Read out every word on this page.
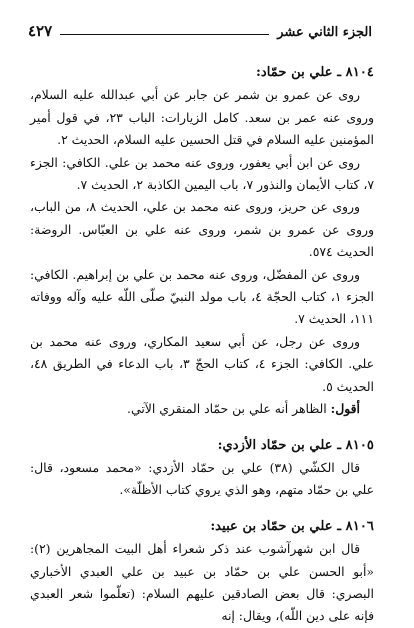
الجزء الثاني عشر
٤٢٧

٨١٠٤ ـ علي بن حمّاد:

روى عن عمرو بن شمر عن جابر عن أبي عبدالله عليه السلام، وروى عنه عمر بن سعد. كامل الزيارات: الباب ٢٣، في قول أمير المؤمنين عليه السلام في قتل الحسين عليه السلام، الحديث ٢.

روى عن ابن أبي يعفور، وروى عنه محمد بن علي. الكافي: الجزء ٧، كتاب الأيمان والنذور ٧، باب اليمين الكاذبة ٢، الحديث ٧.

وروى عن حريز، وروى عنه محمد بن علي، الحديث ٨، من الباب، وروى عن عمرو بن شمر، وروى عنه علي بن العبّاس. الروضة: الحديث ٥٧٤.

وروى عن المفضّل، وروى عنه محمد بن علي بن إبراهيم. الكافي: الجزء ١، كتاب الحجّة ٤، باب مولد النبيّ صلّى اللّه عليه وآله ووفاته ١١١، الحديث ٧.

وروى عن رجل، عن أبي سعيد المكاري، وروى عنه محمد بن علي. الكافي: الجزء ٤، كتاب الحجّ ٣، باب الدعاء في الطريق ٤٨، الحديث ٥.

أقول: الظاهر أنه علي بن حمّاد المنقري الآتي.

٨١٠٥ ـ علي بن حمّاد الأزدي:

قال الكشّي (٣٨) علي بن حمّاد الأزدي: «محمد مسعود، قال: علي بن حمّاد متهم، وهو الذي يروي كتاب الأظلّة».

٨١٠٦ ـ علي بن حمّاد بن عبيد:

قال ابن شهرآشوب عند ذكر شعراء أهل البيت المجاهرين (٢): «أبو الحسن علي بن حمّاد بن عبيد بن علي العبدي الأخباري البصري: قال بعض الصادقين عليهم السلام: (تعلّموا شعر العبدي فإنه على دين اللّه)، ويقال: إنه
